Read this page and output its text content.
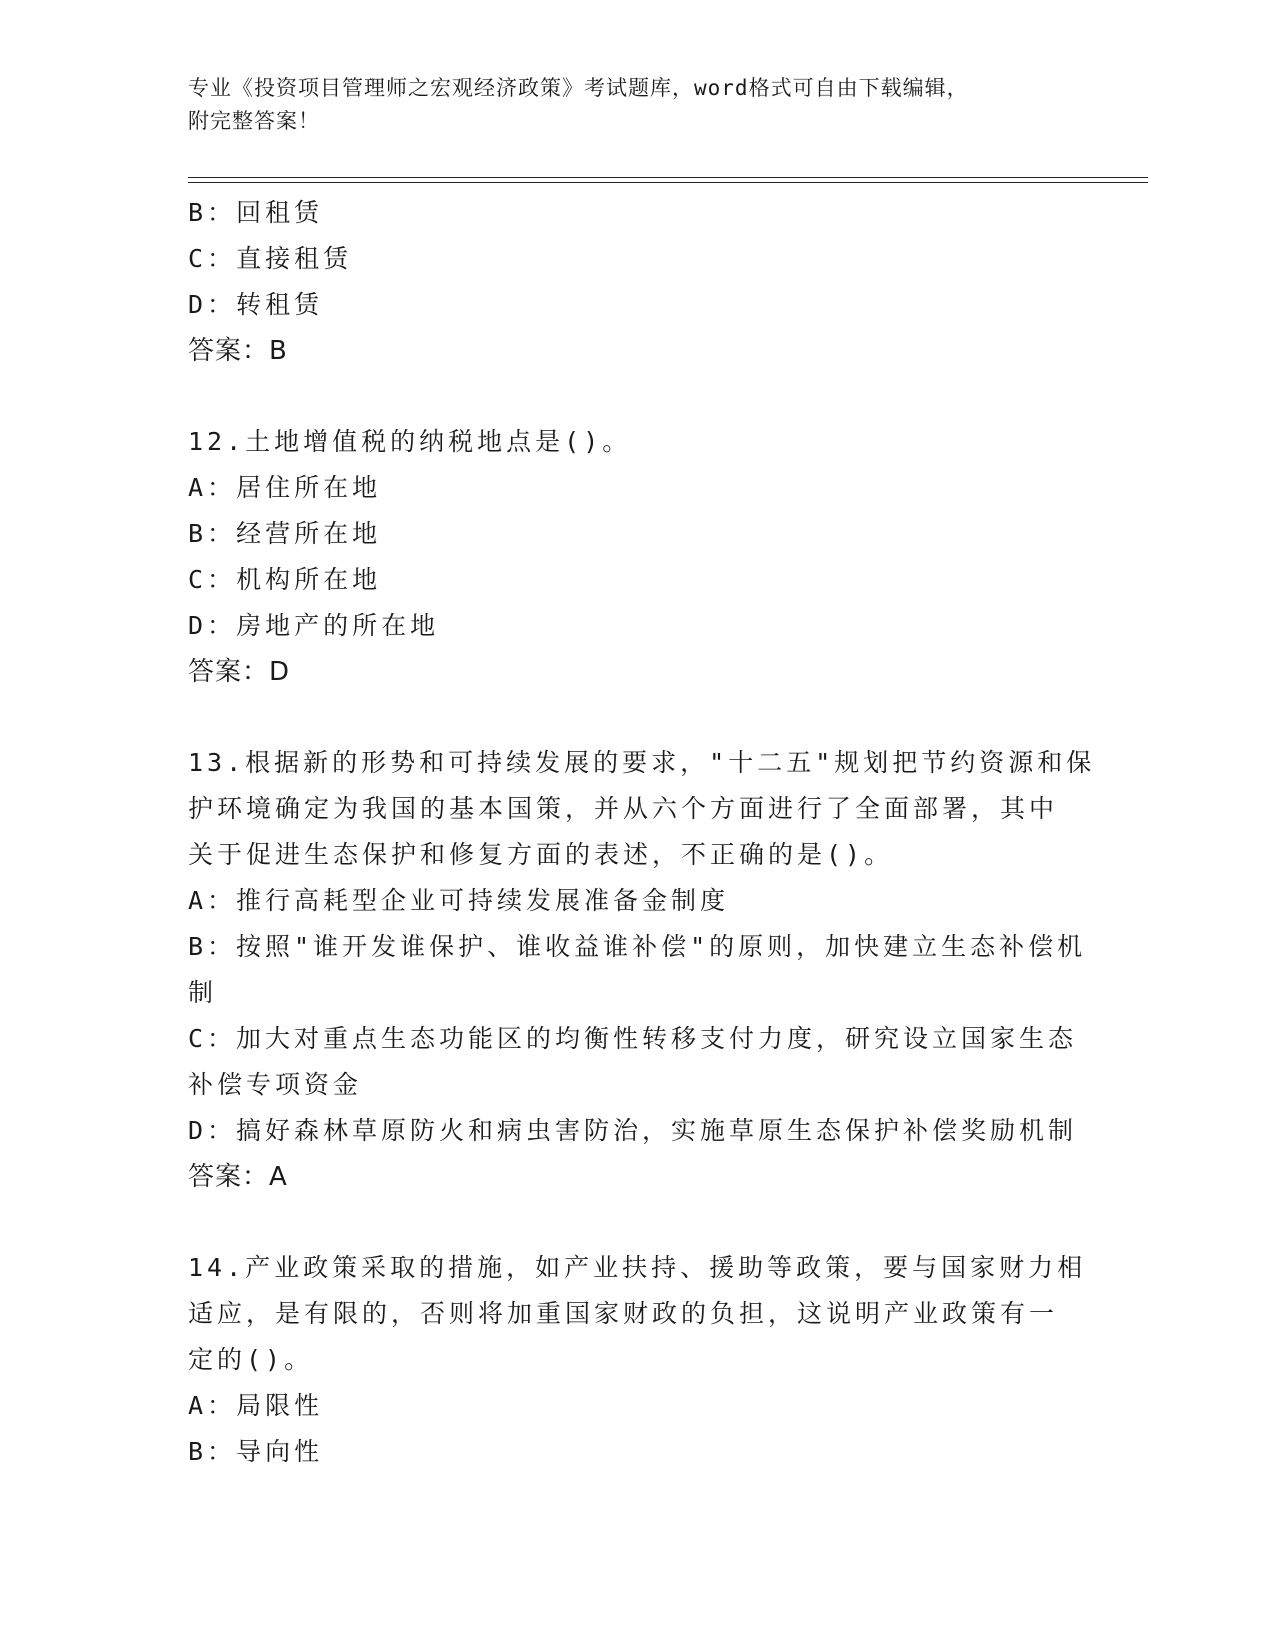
专业《投资项目管理师之宏观经济政策》考试题库，word格式可自由下载编辑，
附完整答案！
B：回租赁
C：直接租赁
D：转租赁
答案：B
12.土地增值税的纳税地点是()。
A：居住所在地
B：经营所在地
C：机构所在地
D：房地产的所在地
答案：D
13.根据新的形势和可持续发展的要求，"十二五"规划把节约资源和保
护环境确定为我国的基本国策，并从六个方面进行了全面部署，其中
关于促进生态保护和修复方面的表述，不正确的是()。
A：推行高耗型企业可持续发展准备金制度
B：按照"谁开发谁保护、谁收益谁补偿"的原则，加快建立生态补偿机
制
C：加大对重点生态功能区的均衡性转移支付力度，研究设立国家生态
补偿专项资金
D：搞好森林草原防火和病虫害防治，实施草原生态保护补偿奖励机制
答案：A
14.产业政策采取的措施，如产业扶持、援助等政策，要与国家财力相
适应，是有限的，否则将加重国家财政的负担，这说明产业政策有一
定的()。
A：局限性
B：导向性
